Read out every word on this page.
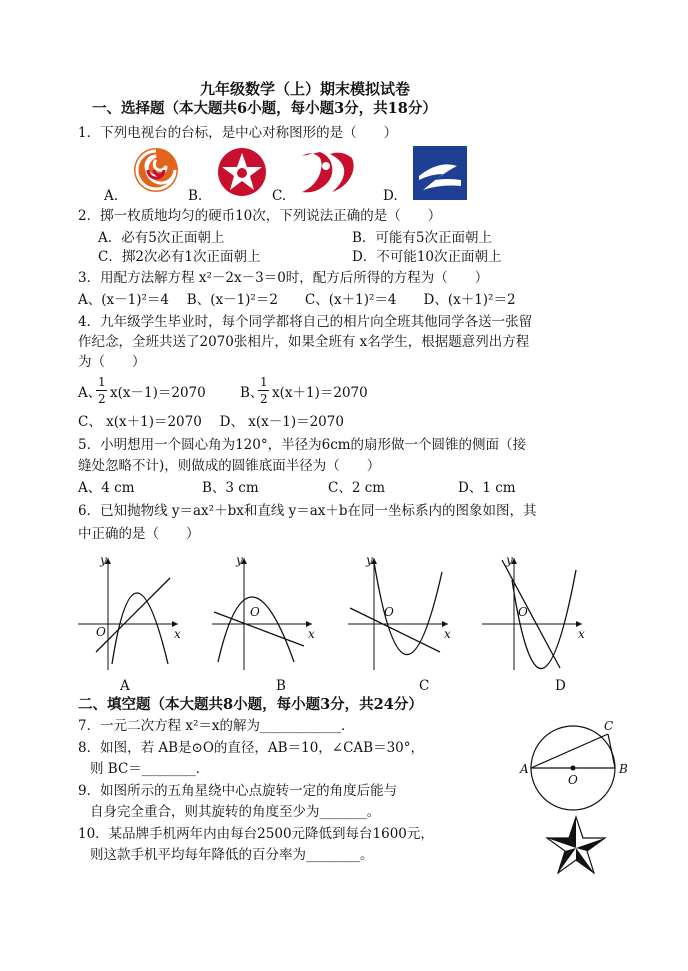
九年级数学（上）期末模拟试卷
一、选择题（本大题共6小题，每小题3分，共18分）
1．下列电视台的台标，是中心对称图形的是（　　）
A.	B.	C.	D.
2．掷一枚质地均匀的硬币10次，下列说法正确的是（　　）
A．必有5次正面朝上	B．可能有5次正面朝上
C．掷2次必有1次正面朝上	D．不可能10次正面朝上
3．用配方法解方程 x²－2x－3＝0时，配方后所得的方程为（　　）
A、(x－1)²＝4　 B、(x－1)²＝2　　C、(x＋1)²＝4　　D、(x＋1)²＝2
4．九年级学生毕业时，每个同学都将自己的相片向全班其他同学各送一张留
作纪念，全班共送了2070张相片，如果全班有 x名学生，根据题意列出方程
为（　　）
A、
1
2 x(x－1)＝2070	B、
1
2 x(x＋1)＝2070
C、 x(x＋1)＝2070　 D、 x(x－1)＝2070
5．小明想用一个圆心角为120°，半径为6cm的扇形做一个圆锥的侧面（接
缝处忽略不计)，则做成的圆锥底面半径为（　　）
A、4 cm	B、3 cm	C、2 cm	D、1 cm
6．已知抛物线 y＝ax²＋bx和直线 y＝ax＋b在同一坐标系内的图象如图，其
中正确的是（　　）
y
x
O
A
y
x
O
B
y
x
O
C
y
x
O
D
二、填空题（本大题共8小题，每小题3分，共24分）
7．一元二次方程 x²＝x的解为____________．
8．如图，若 AB是⊙O的直径，AB＝10，∠CAB＝30°，
则 BC＝________．	A	B
C
O
9．如图所示的五角星绕中心点旋转一定的角度后能与
自身完全重合，则其旋转的角度至少为_______。
10．某品牌手机两年内由每台2500元降低到每台1600元，
则这款手机平均每年降低的百分率为________。
